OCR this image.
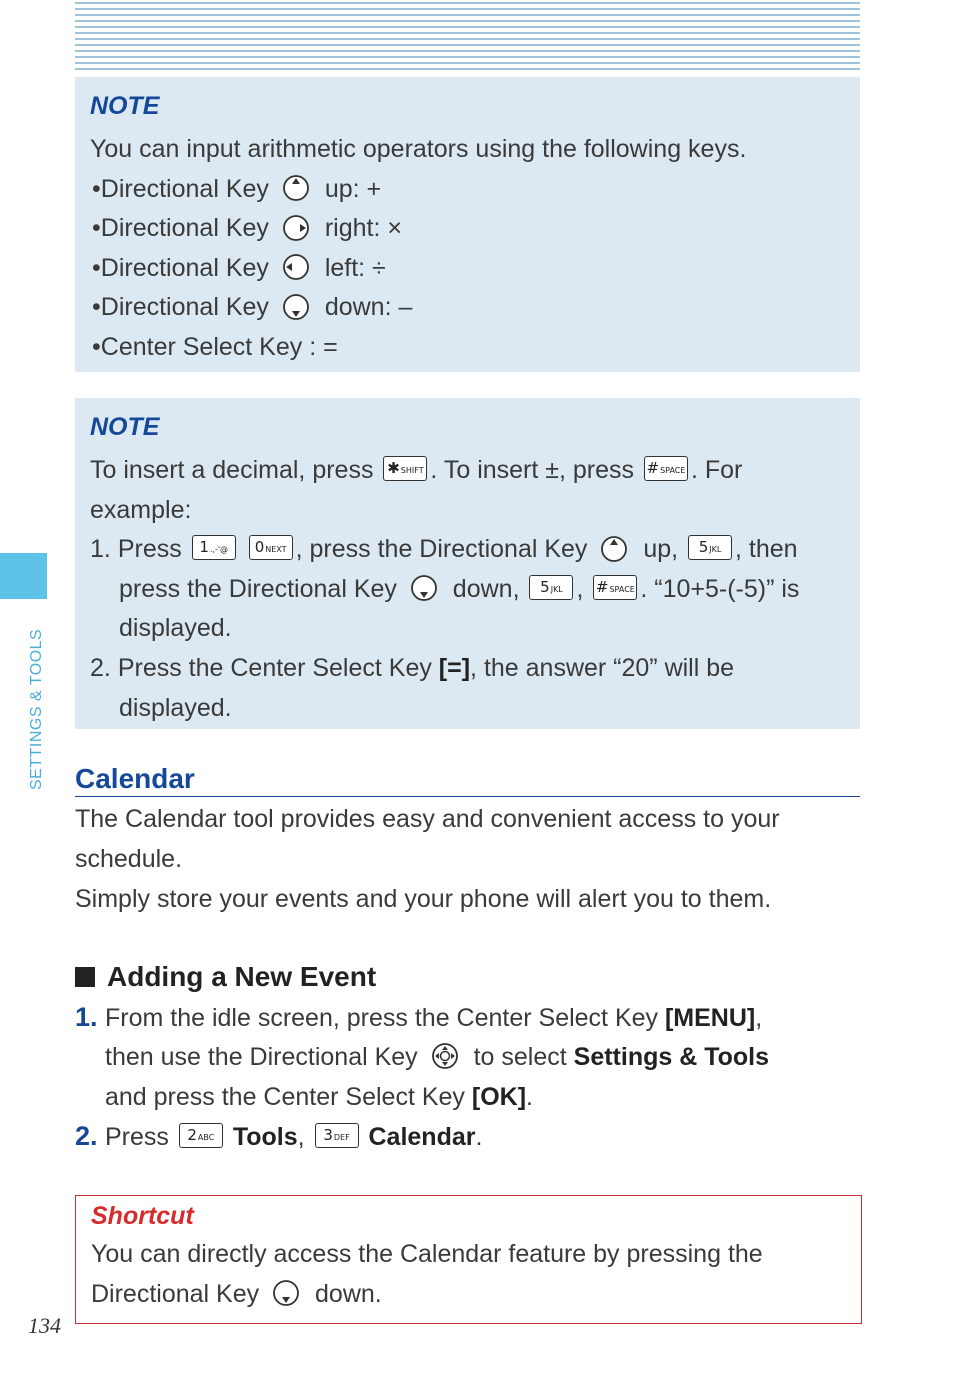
NOTE
You can input arithmetic operators using the following keys.
•Directional Key up: +
•Directional Key right: ×
•Directional Key left: ÷
•Directional Key down: –
•Center Select Key : =
NOTE
To insert a decimal, press ✱SHIFT . To insert ±, press #SPACE . For
example:
1. Press 1.,-'@ 0NEXT , press the Directional Key  up, 5JKL , then
press the Directional Key  down, 5JKL , #SPACE . “10+5-(-5)” is
displayed.
2. Press the Center Select Key [=], the answer “20” will be
displayed.
SETTINGS & TOOLS Calendar
The Calendar tool provides easy and convenient access to your
schedule.
Simply store your events and your phone will alert you to them.
Adding a New Event
1. From the idle screen, press the Center Select Key [MENU],
then use the Directional Key  to select Settings & Tools
and press the Center Select Key [OK].
2. Press 2ABC Tools, 3DEF Calendar.
Shortcut
You can directly access the Calendar feature by pressing the
Directional Key  down.
134
